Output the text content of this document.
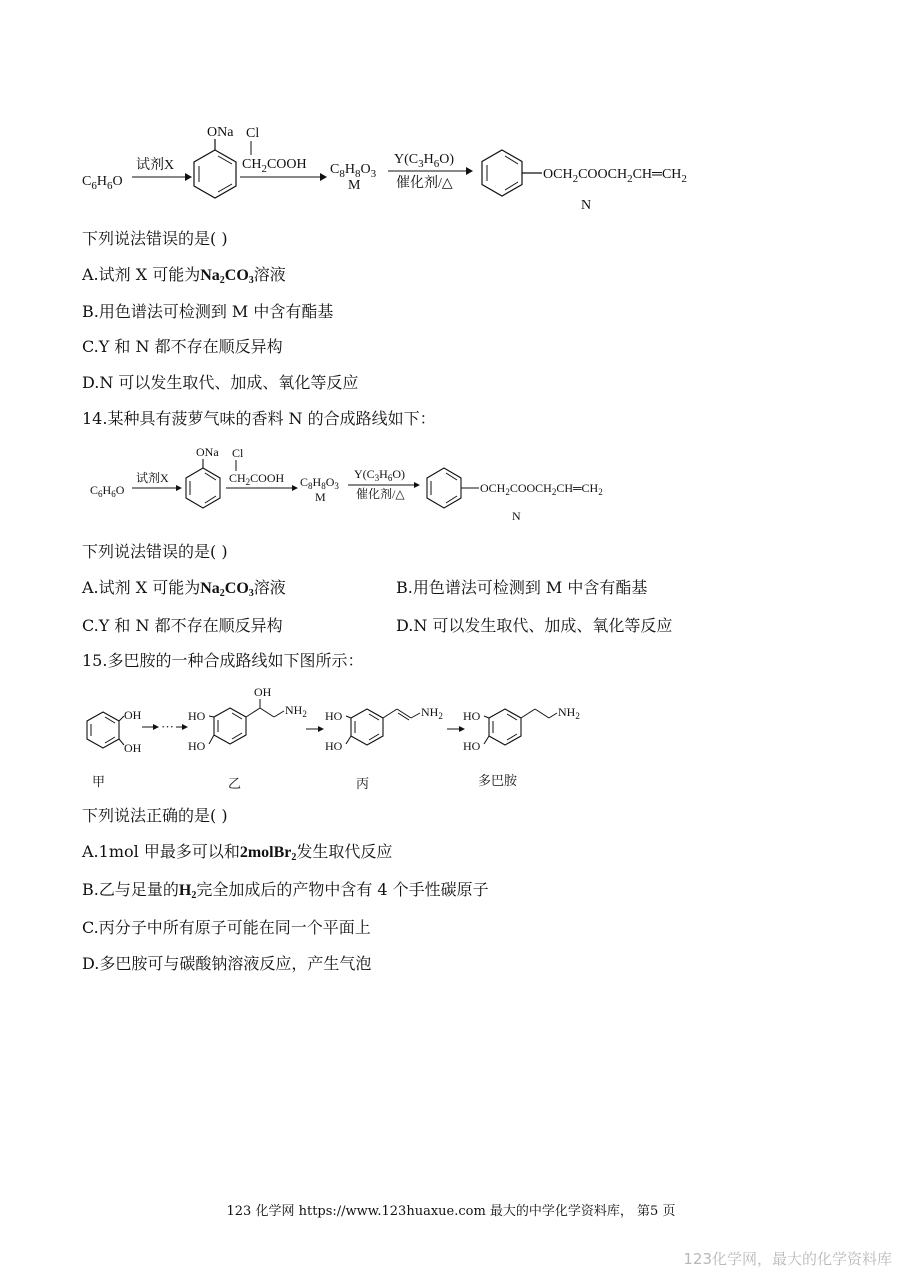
$C_6H_6O$
试剂X
ONa Cl
$CH_2COOH$ $C_8H_8O_3$
M
$Y(C_3H_6O)$
催化剂/△
$OCH_2COOCH_2CH═CH_2$
N
下列说法错误的是( )
A.试剂 X 可能为$Na_2CO_3$溶液
B.用色谱法可检测到 M 中含有酯基
C.Y 和 N 都不存在顺反异构
D.N 可以发生取代、加成、氧化等反应
14.某种具有菠萝气味的香料 N 的合成路线如下：
$C_6H_6O$
试剂X
ONa Cl
$CH_2COOH$ $C_8H_8O_3$
M
$Y(C_3H_6O)$
催化剂/△	$OCH_2COOCH_2CH═CH_2$
N
下列说法错误的是( )
A.试剂 X 可能为$Na_2CO_3$溶液	B.用色谱法可检测到 M 中含有酯基
C.Y 和 N 都不存在顺反异构	D.N 可以发生取代、加成、氧化等反应
15.多巴胺的一种合成路线如下图所示：
OH
OH
···
HO
HO
OH
$NH_2$ HO
HO
$NH_2$ HO
HO
$NH_2$
甲	乙	丙	多巴胺
下列说法正确的是( )
A.1mol 甲最多可以和2molBr$_2$发生取代反应
B.乙与足量的$H_2$完全加成后的产物中含有 4 个手性碳原子
C.丙分子中所有原子可能在同一个平面上
D.多巴胺可与碳酸钠溶液反应，产生气泡
123 化学网 https://www.123huaxue.com 最大的中学化学资料库， 第5 页
123化学网，最大的化学资料库
